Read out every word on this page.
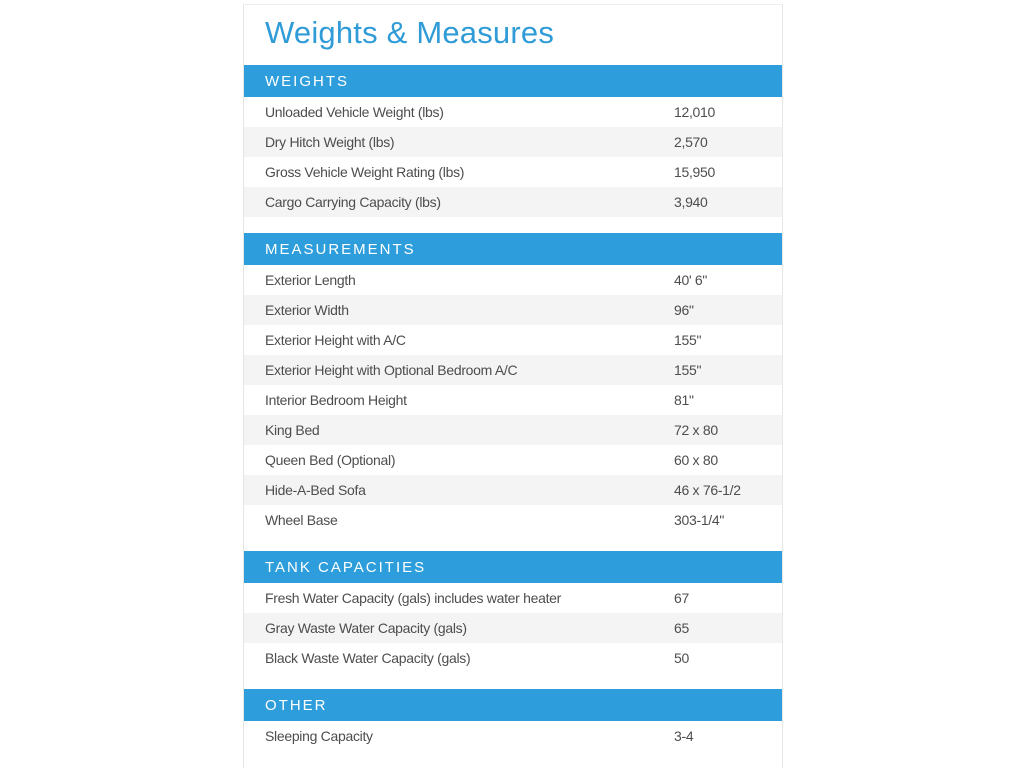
Weights & Measures
WEIGHTS
Unloaded Vehicle Weight (lbs)	12,010
Dry Hitch Weight (lbs)	2,570
Gross Vehicle Weight Rating (lbs)	15,950
Cargo Carrying Capacity (lbs)	3,940
MEASUREMENTS
Exterior Length	40' 6"
Exterior Width	96"
Exterior Height with A/C	155"
Exterior Height with Optional Bedroom A/C	155"
Interior Bedroom Height	81"
King Bed	72 x 80
Queen Bed (Optional)	60 x 80
Hide-A-Bed Sofa	46 x 76-1/2
Wheel Base	303-1/4"
TANK CAPACITIES
Fresh Water Capacity (gals) includes water heater	67
Gray Waste Water Capacity (gals)	65
Black Waste Water Capacity (gals)	50
OTHER
Sleeping Capacity	3-4
